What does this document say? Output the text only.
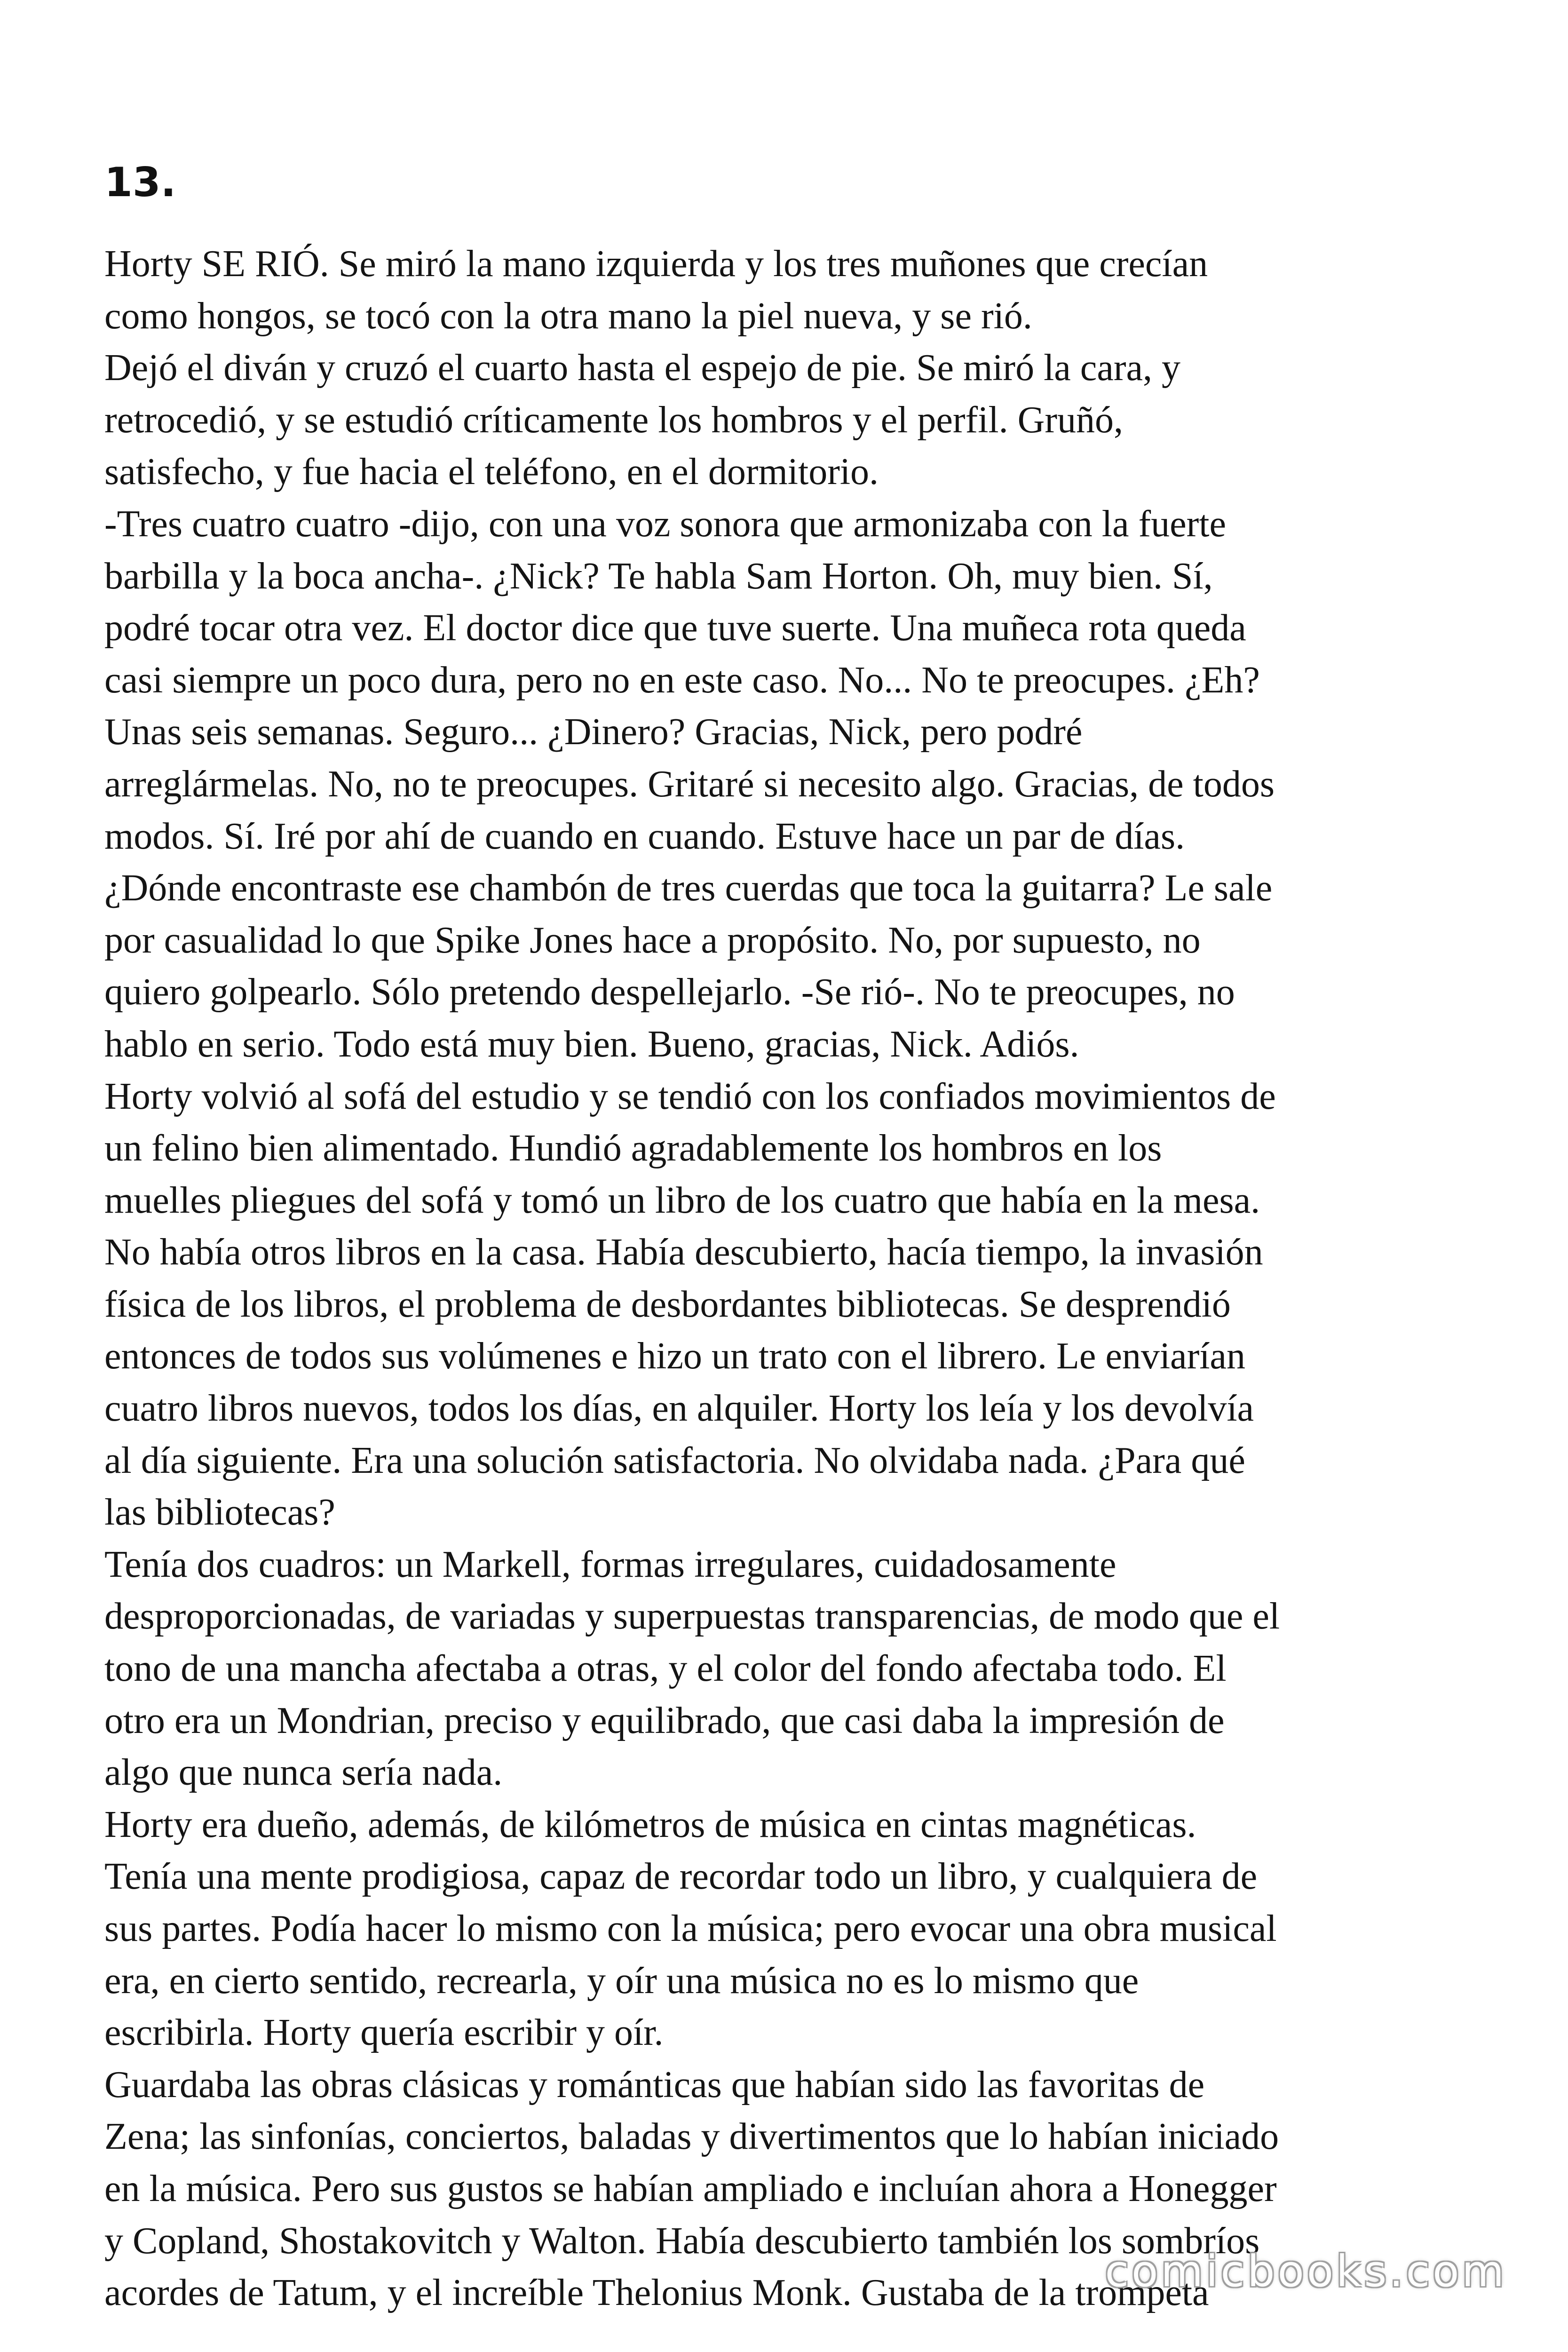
13.

Horty SE RIÓ. Se miró la mano izquierda y los tres muñones que crecían

como hongos, se tocó con la otra mano la piel nueva, y se rió.

Dejó el diván y cruzó el cuarto hasta el espejo de pie. Se miró la cara, y

retrocedió, y se estudió críticamente los hombros y el perfil. Gruñó,

satisfecho, y fue hacia el teléfono, en el dormitorio.

-Tres cuatro cuatro -dijo, con una voz sonora que armonizaba con la fuerte

barbilla y la boca ancha-. ¿Nick? Te habla Sam Horton. Oh, muy bien. Sí,

podré tocar otra vez. El doctor dice que tuve suerte. Una muñeca rota queda

casi siempre un poco dura, pero no en este caso. No... No te preocupes. ¿Eh?

Unas seis semanas. Seguro... ¿Dinero? Gracias, Nick, pero podré

arreglármelas. No, no te preocupes. Gritaré si necesito algo. Gracias, de todos

modos. Sí. Iré por ahí de cuando en cuando. Estuve hace un par de días.

¿Dónde encontraste ese chambón de tres cuerdas que toca la guitarra? Le sale

por casualidad lo que Spike Jones hace a propósito. No, por supuesto, no

quiero golpearlo. Sólo pretendo despellejarlo. -Se rió-. No te preocupes, no

hablo en serio. Todo está muy bien. Bueno, gracias, Nick. Adiós.

Horty volvió al sofá del estudio y se tendió con los confiados movimientos de

un felino bien alimentado. Hundió agradablemente los hombros en los

muelles pliegues del sofá y tomó un libro de los cuatro que había en la mesa.

No había otros libros en la casa. Había descubierto, hacía tiempo, la invasión

física de los libros, el problema de desbordantes bibliotecas. Se desprendió

entonces de todos sus volúmenes e hizo un trato con el librero. Le enviarían

cuatro libros nuevos, todos los días, en alquiler. Horty los leía y los devolvía

al día siguiente. Era una solución satisfactoria. No olvidaba nada. ¿Para qué

las bibliotecas?

Tenía dos cuadros: un Markell, formas irregulares, cuidadosamente

desproporcionadas, de variadas y superpuestas transparencias, de modo que el

tono de una mancha afectaba a otras, y el color del fondo afectaba todo. El

otro era un Mondrian, preciso y equilibrado, que casi daba la impresión de

algo que nunca sería nada.

Horty era dueño, además, de kilómetros de música en cintas magnéticas.

Tenía una mente prodigiosa, capaz de recordar todo un libro, y cualquiera de

sus partes. Podía hacer lo mismo con la música; pero evocar una obra musical

era, en cierto sentido, recrearla, y oír una música no es lo mismo que

escribirla. Horty quería escribir y oír.

Guardaba las obras clásicas y románticas que habían sido las favoritas de

Zena; las sinfonías, conciertos, baladas y divertimentos que lo habían iniciado

en la música. Pero sus gustos se habían ampliado e incluían ahora a Honegger

y Copland, Shostakovitch y Walton. Había descubierto también los sombríos

acordes de Tatum, y el increíble Thelonius Monk. Gustaba de la trompeta

comicbooks.com
